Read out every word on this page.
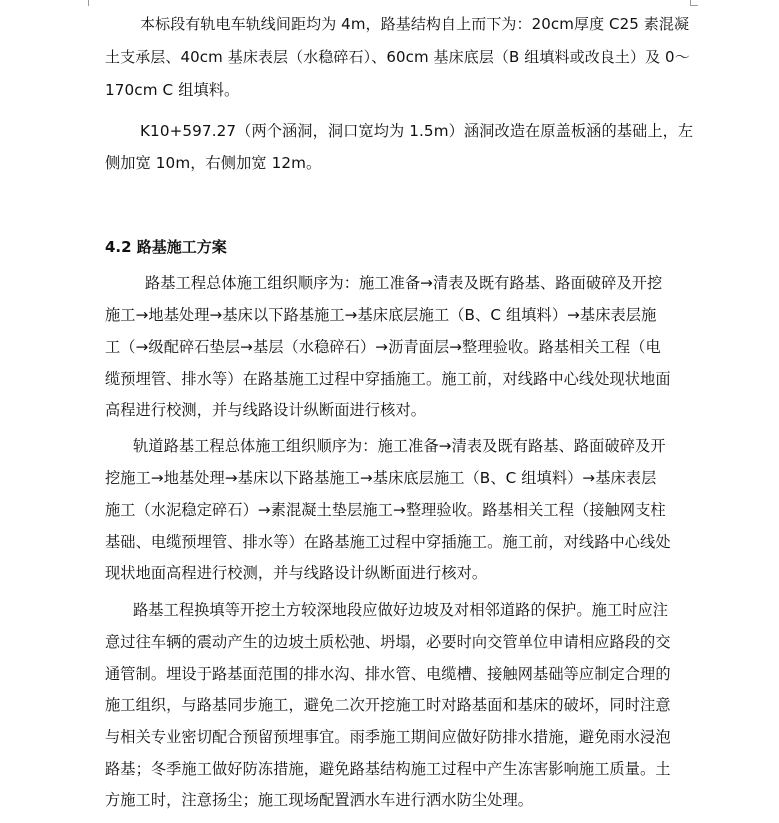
本标段有轨电车轨线间距均为 4m，路基结构自上而下为：20cm厚度 C25 素混凝
土支承层、40cm 基床表层（水稳碎石）、60cm 基床底层（B 组填料或改良土）及 0～
170cm C 组填料。
K10+597.27（两个涵洞，洞口宽均为 1.5m）涵洞改造在原盖板涵的基础上，左
侧加宽 10m，右侧加宽 12m。
4.2 路基施工方案
路基工程总体施工组织顺序为：施工准备→清表及既有路基、路面破碎及开挖
施工→地基处理→基床以下路基施工→基床底层施工（B、C 组填料）→基床表层施
工（→级配碎石垫层→基层（水稳碎石）→沥青面层→整理验收。路基相关工程（电
缆预埋管、排水等）在路基施工过程中穿插施工。施工前，对线路中心线处现状地面
高程进行校测，并与线路设计纵断面进行核对。
轨道路基工程总体施工组织顺序为：施工准备→清表及既有路基、路面破碎及开
挖施工→地基处理→基床以下路基施工→基床底层施工（B、C 组填料）→基床表层
施工（水泥稳定碎石）→素混凝土垫层施工→整理验收。路基相关工程（接触网支柱
基础、电缆预埋管、排水等）在路基施工过程中穿插施工。施工前，对线路中心线处
现状地面高程进行校测，并与线路设计纵断面进行核对。
路基工程换填等开挖土方较深地段应做好边坡及对相邻道路的保护。施工时应注
意过往车辆的震动产生的边坡土质松弛、坍塌，必要时向交管单位申请相应路段的交
通管制。埋设于路基面范围的排水沟、排水管、电缆槽、接触网基础等应制定合理的
施工组织，与路基同步施工，避免二次开挖施工时对路基面和基床的破坏，同时注意
与相关专业密切配合预留预埋事宜。雨季施工期间应做好防排水措施，避免雨水浸泡
路基；冬季施工做好防冻措施，避免路基结构施工过程中产生冻害影响施工质量。土
方施工时，注意扬尘；施工现场配置洒水车进行洒水防尘处理。
